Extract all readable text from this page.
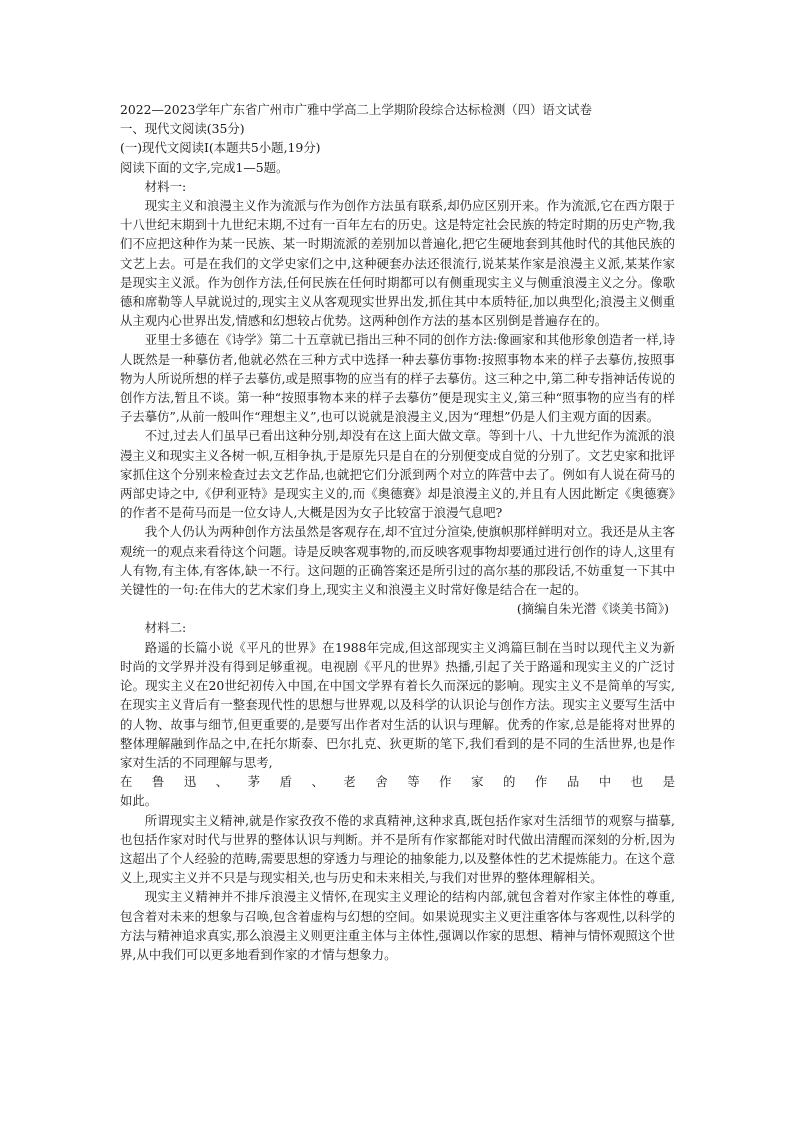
2022—2023学年广东省广州市广雅中学高二上学期阶段综合达标检测（四）语文试卷

一、现代文阅读(35分)

(一)现代文阅读Ⅰ(本题共5小题,19分)

阅读下面的文字,完成1—5题。

材料一:

现实主义和浪漫主义作为流派与作为创作方法虽有联系,却仍应区别开来。作为流派,它在西方限于十八世纪末期到十九世纪末期,不过有一百年左右的历史。这是特定社会民族的特定时期的历史产物,我们不应把这种作为某一民族、某一时期流派的差别加以普遍化,把它生硬地套到其他时代的其他民族的文艺上去。可是在我们的文学史家们之中,这种硬套办法还很流行,说某某作家是浪漫主义派,某某作家是现实主义派。作为创作方法,任何民族在任何时期都可以有侧重现实主义与侧重浪漫主义之分。像歌德和席勒等人早就说过的,现实主义从客观现实世界出发,抓住其中本质特征,加以典型化;浪漫主义侧重从主观内心世界出发,情感和幻想较占优势。这两种创作方法的基本区别倒是普遍存在的。

亚里士多德在《诗学》第二十五章就已指出三种不同的创作方法:像画家和其他形象创造者一样,诗人既然是一种摹仿者,他就必然在三种方式中选择一种去摹仿事物:按照事物本来的样子去摹仿,按照事物为人所说所想的样子去摹仿,或是照事物的应当有的样子去摹仿。这三种之中,第二种专指神话传说的创作方法,暂且不谈。第一种“按照事物本来的样子去摹仿”便是现实主义,第三种“照事物的应当有的样子去摹仿”,从前一般叫作“理想主义”,也可以说就是浪漫主义,因为“理想”仍是人们主观方面的因素。

不过,过去人们虽早已看出这种分别,却没有在这上面大做文章。等到十八、十九世纪作为流派的浪漫主义和现实主义各树一帜,互相争执,于是原先只是自在的分别便变成自觉的分别了。文艺史家和批评家抓住这个分别来检查过去文艺作品,也就把它们分派到两个对立的阵营中去了。例如有人说在荷马的两部史诗之中,《伊利亚特》是现实主义的,而《奥德赛》却是浪漫主义的,并且有人因此断定《奥德赛》的作者不是荷马而是一位女诗人,大概是因为女子比较富于浪漫气息吧?

我个人仍认为两种创作方法虽然是客观存在,却不宜过分渲染,使旗帜那样鲜明对立。我还是从主客观统一的观点来看待这个问题。诗是反映客观事物的,而反映客观事物却要通过进行创作的诗人,这里有人有物,有主体,有客体,缺一不行。这问题的正确答案还是所引过的高尔基的那段话,不妨重复一下其中关键性的一句:在伟大的艺术家们身上,现实主义和浪漫主义时常好像是结合在一起的。

(摘编自朱光潜《谈美书简》)

材料二:

路遥的长篇小说《平凡的世界》在1988年完成,但这部现实主义鸿篇巨制在当时以现代主义为新时尚的文学界并没有得到足够重视。电视剧《平凡的世界》热播,引起了关于路遥和现实主义的广泛讨论。现实主义在20世纪初传入中国,在中国文学界有着长久而深远的影响。现实主义不是简单的写实,在现实主义背后有一整套现代性的思想与世界观,以及科学的认识论与创作方法。现实主义要写生活中的人物、故事与细节,但更重要的,是要写出作者对生活的认识与理解。优秀的作家,总是能将对世界的整体理解融到作品之中,在托尔斯泰、巴尔扎克、狄更斯的笔下,我们看到的是不同的生活世界,也是作家对生活的不同理解与思考,

在鲁迅、茅盾、老舍等作家的作品中也是

如此。

所谓现实主义精神,就是作家孜孜不倦的求真精神,这种求真,既包括作家对生活细节的观察与描摹,也包括作家对时代与世界的整体认识与判断。并不是所有作家都能对时代做出清醒而深刻的分析,因为这超出了个人经验的范畴,需要思想的穿透力与理论的抽象能力,以及整体性的艺术提炼能力。在这个意义上,现实主义并不只是与现实相关,也与历史和未来相关,与我们对世界的整体理解相关。

现实主义精神并不排斥浪漫主义情怀,在现实主义理论的结构内部,就包含着对作家主体性的尊重,包含着对未来的想象与召唤,包含着虚构与幻想的空间。如果说现实主义更注重客体与客观性,以科学的方法与精神追求真实,那么浪漫主义则更注重主体与主体性,强调以作家的思想、精神与情怀观照这个世界,从中我们可以更多地看到作家的才情与想象力。
